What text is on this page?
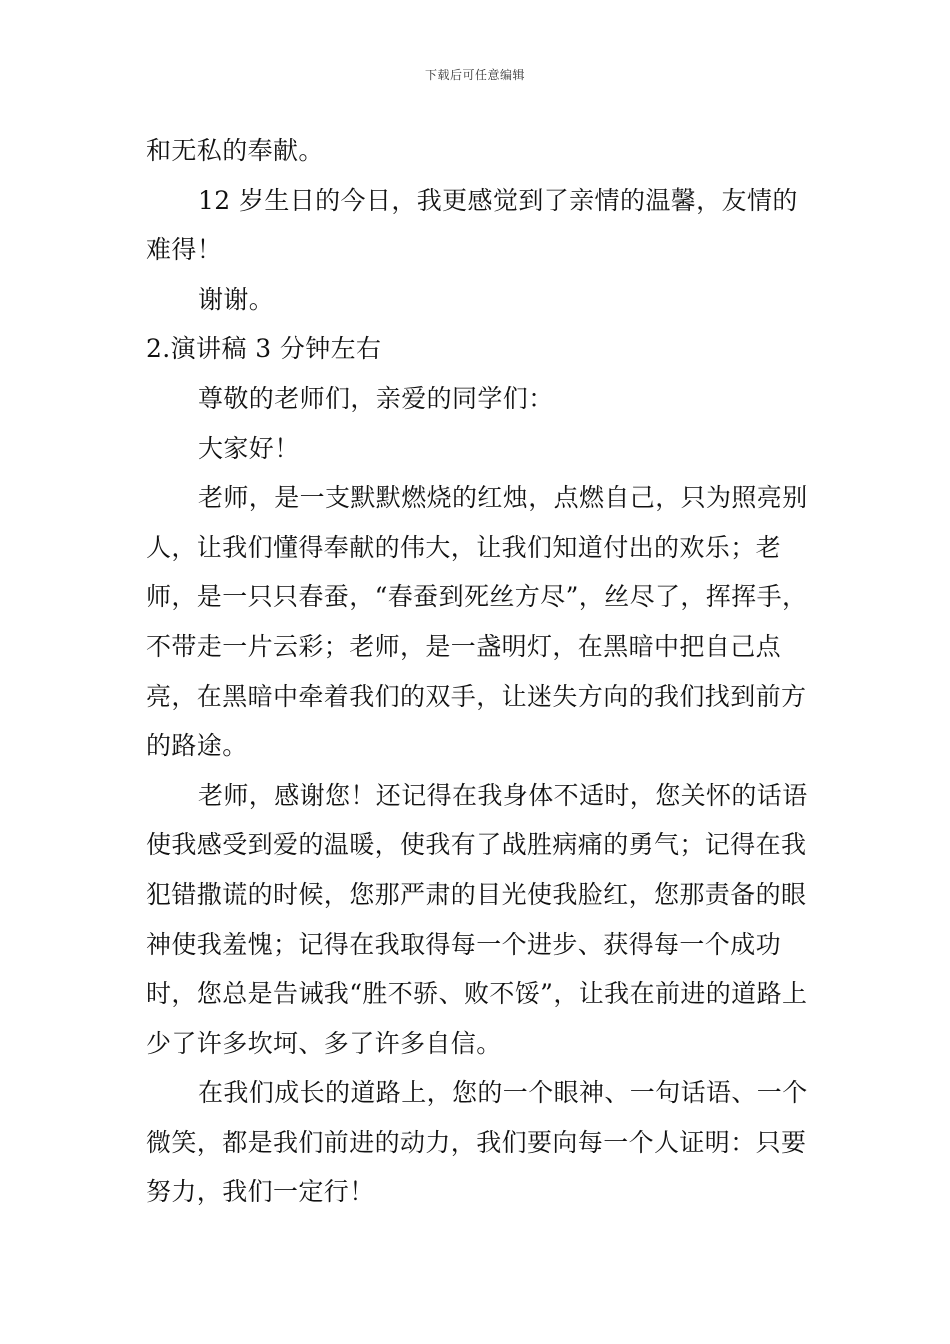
下载后可任意编辑

和无私的奉献。

12 岁生日的今日，我更感觉到了亲情的温馨，友情的难得！

谢谢。

2.演讲稿 3 分钟左右

尊敬的老师们，亲爱的同学们：

大家好！

老师，是一支默默燃烧的红烛，点燃自己，只为照亮别人，让我们懂得奉献的伟大，让我们知道付出的欢乐；老师，是一只只春蚕，“春蚕到死丝方尽”，丝尽了，挥挥手，不带走一片云彩；老师，是一盏明灯，在黑暗中把自己点亮，在黑暗中牵着我们的双手，让迷失方向的我们找到前方的路途。

老师，感谢您！还记得在我身体不适时，您关怀的话语使我感受到爱的温暖，使我有了战胜病痛的勇气；记得在我犯错撒谎的时候，您那严肃的目光使我脸红，您那责备的眼神使我羞愧；记得在我取得每一个进步、获得每一个成功时，您总是告诫我“胜不骄、败不馁”，让我在前进的道路上少了许多坎坷、多了许多自信。

在我们成长的道路上，您的一个眼神、一句话语、一个微笑，都是我们前进的动力，我们要向每一个人证明：只要努力，我们一定行！
